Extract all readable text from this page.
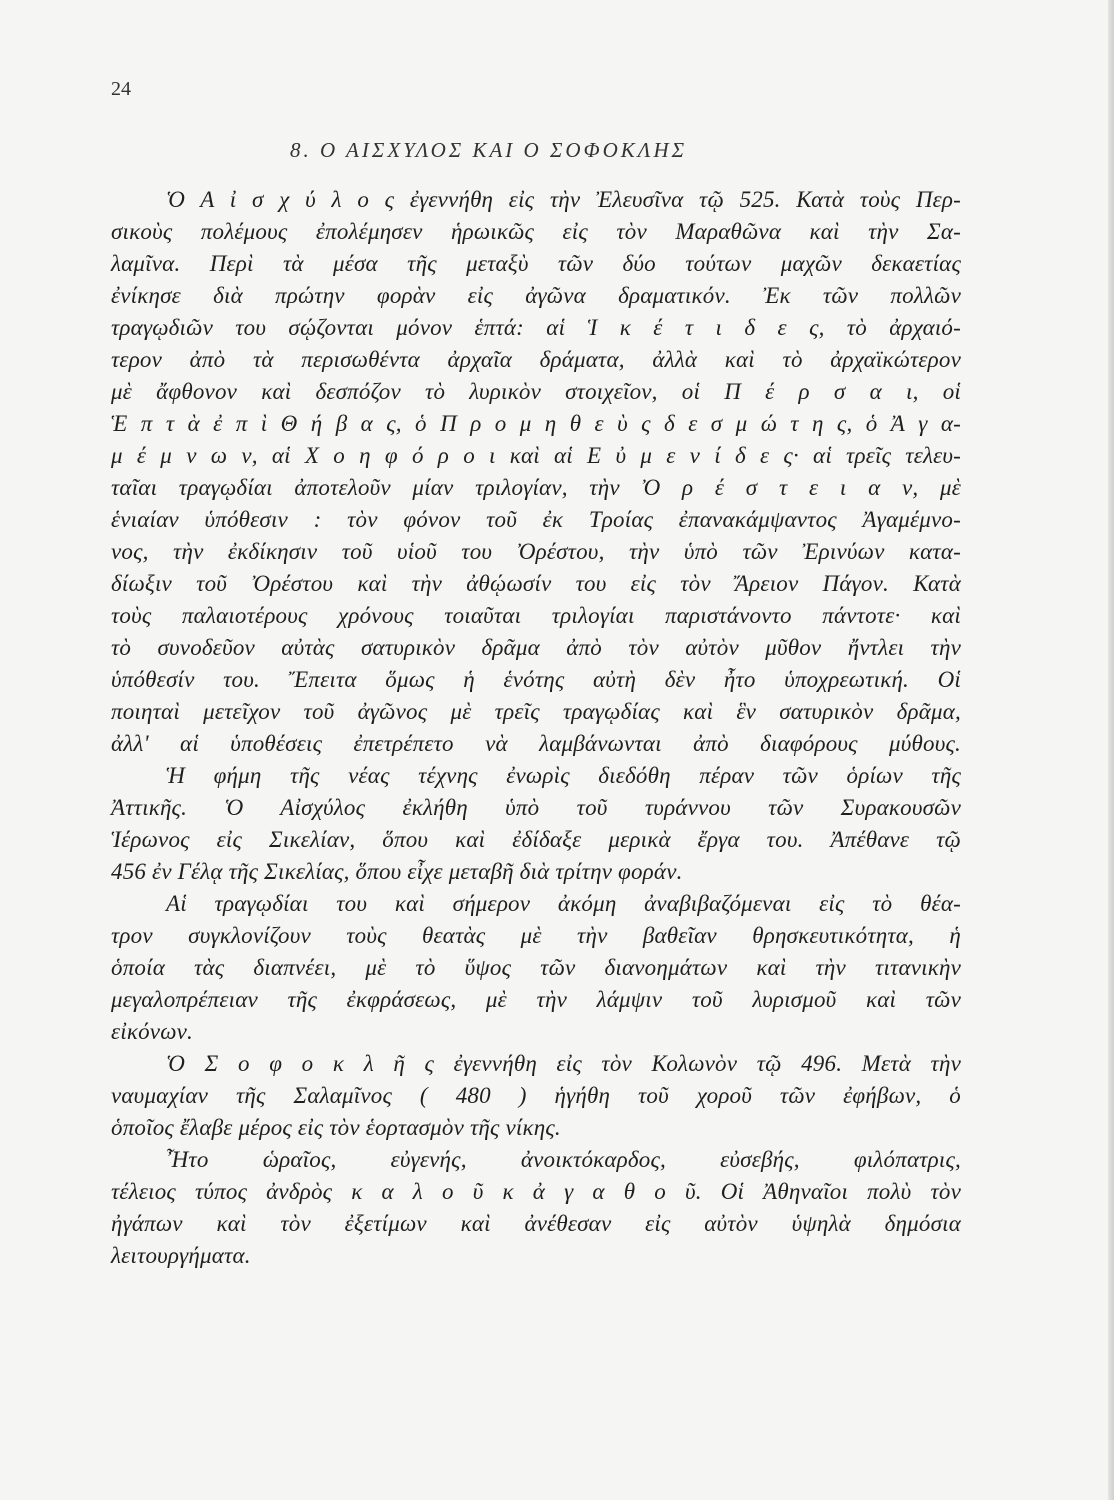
24
8. Ο ΑΙΣΧΥΛΟΣ ΚΑΙ Ο ΣΟΦΟΚΛΗΣ
Ὁ Α ἰ σ χ ύ λ ο ς ἐγεννήθη εἰς τὴν Ἐλευσῖνα τῷ 525. Κατὰ τοὺς Περ-
σικοὺς πολέμους ἐπολέμησεν ἡρωικῶς εἰς τὸν Μαραθῶνα καὶ τὴν Σα-
λαμῖνα. Περὶ τὰ μέσα τῆς μεταξὺ τῶν δύο τούτων μαχῶν δεκαετίας
ἐνίκησε διὰ πρώτην φορὰν εἰς ἀγῶνα δραματικόν. Ἐκ τῶν πολλῶν
τραγῳδιῶν του σῴζονται μόνον ἑπτά: αἱ Ἱ κ έ τ ι δ ε ς, τὸ ἀρχαιό-
τερον ἀπὸ τὰ περισωθέντα ἀρχαῖα δράματα, ἀλλὰ καὶ τὸ ἀρχαϊκώτερον
μὲ ἄφθονον καὶ δεσπόζον τὸ λυρικὸν στοιχεῖον, οἱ Π έ ρ σ α ι, οἱ
Ἑ π τ ὰ ἐ π ὶ Θ ή β α ς, ὁ Π ρ ο μ η θ ε ὺ ς δ ε σ μ ώ τ η ς, ὁ Ἀ γ α-
μ έ μ ν ω ν, αἱ Χ ο η φ ό ρ ο ι καὶ αἱ Ε ὐ μ ε ν ί δ ε ς· αἱ τρεῖς τελευ-
ταῖαι τραγῳδίαι ἀποτελοῦν μίαν τριλογίαν, τὴν Ὀ ρ έ σ τ ε ι α ν, μὲ
ἑνιαίαν ὑπόθεσιν : τὸν φόνον τοῦ ἐκ Τροίας ἐπανακάμψαντος Ἀγαμέμνο-
νος, τὴν ἐκδίκησιν τοῦ υἱοῦ του Ὀρέστου, τὴν ὑπὸ τῶν Ἐρινύων κατα-
δίωξιν τοῦ Ὀρέστου καὶ τὴν ἀθῴωσίν του εἰς τὸν Ἄρειον Πάγον. Κατὰ
τοὺς παλαιοτέρους χρόνους τοιαῦται τριλογίαι παριστάνοντο πάντοτε· καὶ
τὸ συνοδεῦον αὐτὰς σατυρικὸν δρᾶμα ἀπὸ τὸν αὐτὸν μῦθον ἤντλει τὴν
ὑπόθεσίν του. Ἔπειτα ὅμως ἡ ἑνότης αὐτὴ δὲν ἦτο ὑποχρεωτική. Οἱ
ποιηταὶ μετεῖχον τοῦ ἀγῶνος μὲ τρεῖς τραγῳδίας καὶ ἓν σατυρικὸν δρᾶμα,
ἀλλ' αἱ ὑποθέσεις ἐπετρέπετο νὰ λαμβάνωνται ἀπὸ διαφόρους μύθους.
Ἡ φήμη τῆς νέας τέχνης ἐνωρὶς διεδόθη πέραν τῶν ὁρίων τῆς
Ἀττικῆς. Ὁ Αἰσχύλος ἐκλήθη ὑπὸ τοῦ τυράννου τῶν Συρακουσῶν
Ἱέρωνος εἰς Σικελίαν, ὅπου καὶ ἐδίδαξε μερικὰ ἔργα του. Ἀπέθανε τῷ
456 ἐν Γέλᾳ τῆς Σικελίας, ὅπου εἶχε μεταβῆ διὰ τρίτην φοράν.
Αἱ τραγῳδίαι του καὶ σήμερον ἀκόμη ἀναβιβαζόμεναι εἰς τὸ θέα-
τρον συγκλονίζουν τοὺς θεατὰς μὲ τὴν βαθεῖαν θρησκευτικότητα, ἡ
ὁποία τὰς διαπνέει, μὲ τὸ ὕψος τῶν διανοημάτων καὶ τὴν τιτανικὴν
μεγαλοπρέπειαν τῆς ἐκφράσεως, μὲ τὴν λάμψιν τοῦ λυρισμοῦ καὶ τῶν
εἰκόνων.
Ὁ Σ ο φ ο κ λ ῆ ς ἐγεννήθη εἰς τὸν Κολωνὸν τῷ 496. Μετὰ τὴν
ναυμαχίαν τῆς Σαλαμῖνος ( 480 ) ἡγήθη τοῦ χοροῦ τῶν ἐφήβων, ὁ
ὁποῖος ἔλαβε μέρος εἰς τὸν ἑορτασμὸν τῆς νίκης.
Ἦτο ὡραῖος, εὐγενής, ἀνοικτόκαρδος, εὐσεβής, φιλόπατρις,
τέλειος τύπος ἀνδρὸς κ α λ ο ῦ κ ἀ γ α θ ο ῦ. Οἱ Ἀθηναῖοι πολὺ τὸν
ἠγάπων καὶ τὸν ἐξετίμων καὶ ἀνέθεσαν εἰς αὐτὸν ὑψηλὰ δημόσια
λειτουργήματα.
